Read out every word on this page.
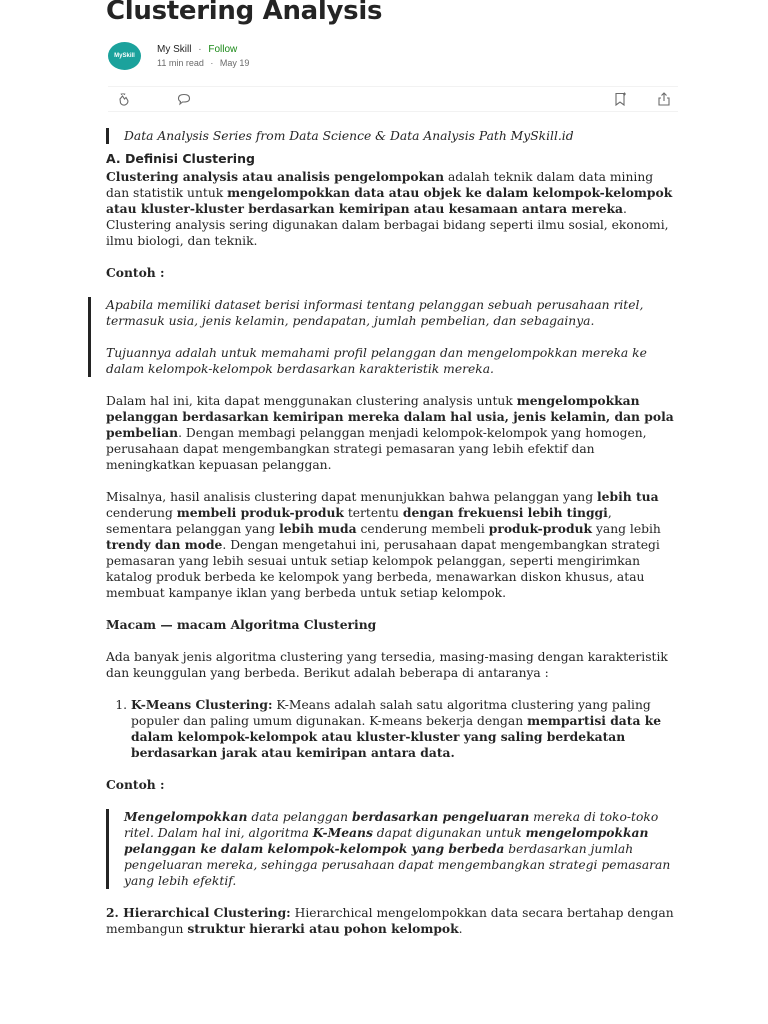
Clustering Analysis
MySkill
My Skill · Follow
11 min read · May 19

Data Analysis Series from Data Science & Data Analysis Path MySkill.id

A. Definisi Clustering

Clustering analysis atau analisis pengelompokan adalah teknik dalam data mining dan statistik untuk mengelompokkan data atau objek ke dalam kelompok-kelompok atau kluster-kluster berdasarkan kemiripan atau kesamaan antara mereka. Clustering analysis sering digunakan dalam berbagai bidang seperti ilmu sosial, ekonomi, ilmu biologi, dan teknik.

Contoh :

Apabila memiliki dataset berisi informasi tentang pelanggan sebuah perusahaan ritel, termasuk usia, jenis kelamin, pendapatan, jumlah pembelian, dan sebagainya.

Tujuannya adalah untuk memahami profil pelanggan dan mengelompokkan mereka ke dalam kelompok-kelompok berdasarkan karakteristik mereka.

Dalam hal ini, kita dapat menggunakan clustering analysis untuk mengelompokkan pelanggan berdasarkan kemiripan mereka dalam hal usia, jenis kelamin, dan pola pembelian. Dengan membagi pelanggan menjadi kelompok-kelompok yang homogen, perusahaan dapat mengembangkan strategi pemasaran yang lebih efektif dan meningkatkan kepuasan pelanggan.

Misalnya, hasil analisis clustering dapat menunjukkan bahwa pelanggan yang lebih tua cenderung membeli produk-produk tertentu dengan frekuensi lebih tinggi, sementara pelanggan yang lebih muda cenderung membeli produk-produk yang lebih trendy dan mode. Dengan mengetahui ini, perusahaan dapat mengembangkan strategi pemasaran yang lebih sesuai untuk setiap kelompok pelanggan, seperti mengirimkan katalog produk berbeda ke kelompok yang berbeda, menawarkan diskon khusus, atau membuat kampanye iklan yang berbeda untuk setiap kelompok.

Macam — macam Algoritma Clustering

Ada banyak jenis algoritma clustering yang tersedia, masing-masing dengan karakteristik dan keunggulan yang berbeda. Berikut adalah beberapa di antaranya :

1. K-Means Clustering: K-Means adalah salah satu algoritma clustering yang paling populer dan paling umum digunakan. K-means bekerja dengan mempartisi data ke dalam kelompok-kelompok atau kluster-kluster yang saling berdekatan berdasarkan jarak atau kemiripan antara data.

Contoh :

Mengelompokkan data pelanggan berdasarkan pengeluaran mereka di toko-toko ritel. Dalam hal ini, algoritma K-Means dapat digunakan untuk mengelompokkan pelanggan ke dalam kelompok-kelompok yang berbeda berdasarkan jumlah pengeluaran mereka, sehingga perusahaan dapat mengembangkan strategi pemasaran yang lebih efektif.

2. Hierarchical Clustering: Hierarchical mengelompokkan data secara bertahap dengan membangun struktur hierarki atau pohon kelompok.
